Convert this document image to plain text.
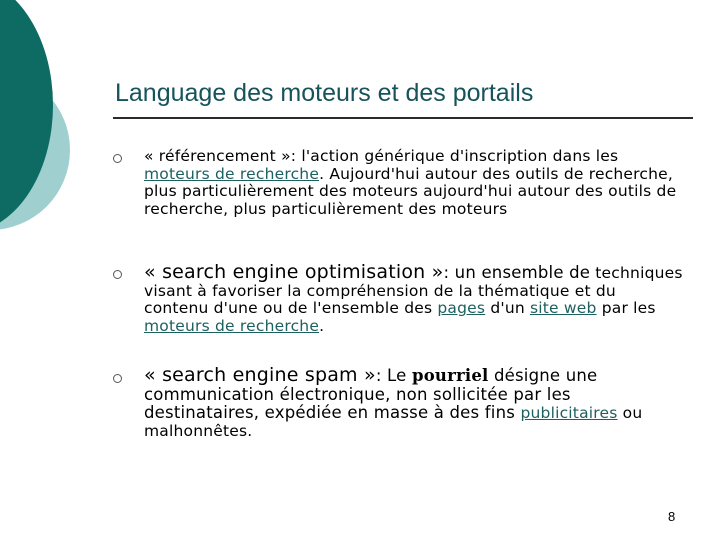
Language des moteurs et des portails
« référencement »: l'action générique d'inscription dans les moteurs de recherche. Aujourd'hui autour des outils de recherche, plus particulièrement des moteurs aujourd'hui autour des outils de recherche, plus particulièrement des moteurs
« search engine optimisation »: un ensemble de techniques visant à favoriser la compréhension de la thématique et du contenu d'une ou de l'ensemble des pages d'un site web par les moteurs de recherche.
« search engine spam »: Le pourriel désigne une communication électronique, non sollicitée par les destinataires, expédiée en masse à des fins publicitaires ou malhonnêtes.
8
